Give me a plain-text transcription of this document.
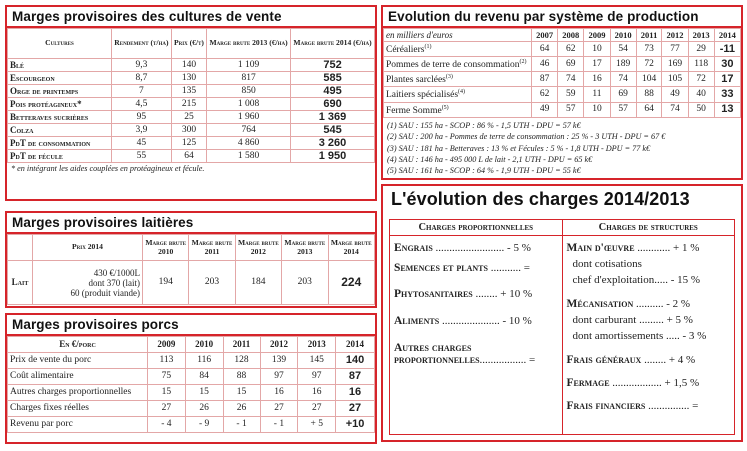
Marges provisoires des cultures de vente
Cultures	Rendement (t/ha)	Prix (€/t)	Marge brute 2013 (€/ha)	Marge brute 2014 (€/ha)
Blé	9,3	140	1 109	752
Escourgeon	8,7	130	817	585
Orge de printemps	7	135	850	495
Pois protéagineux*	4,5	215	1 008	690
Betteraves sucrières	95	25	1 960	1 369
Colza	3,9	300	764	545
PdT de consommation	45	125	4 860	3 260
PdT de fécule	55	64	1 580	1 950
* en intégrant les aides couplées en protéagineux et fécule.
Marges provisoires laitières
	Prix 2014	Marge brute 2010	Marge brute 2011	Marge brute 2012	Marge brute 2013	Marge brute 2014
Lait	430 €/1000L
dont 370 (lait)
60 (produit viande)	194	203	184	203	224
Marges provisoires porcs
En €/porc	2009	2010	2011	2012	2013	2014
Prix de vente du porc	113	116	128	139	145	140
Coût alimentaire	75	84	88	97	97	87
Autres charges proportionnelles	15	15	15	16	16	16
Charges fixes réelles	27	26	26	27	27	27
Revenu par porc	- 4	- 9	- 1	- 1	+ 5	+10
Evolution du revenu par système de production
en milliers d'euros	2007	2008	2009	2010	2011	2012	2013	2014
Céréaliers$^{(1)}$	64	62	10	54	73	77	29	-11
Pommes de terre de consommation$^{(2)}$	46	69	17	189	72	169	118	30
Plantes sarclées$^{(3)}$	87	74	16	74	104	105	72	17
Laitiers spécialisés$^{(4)}$	62	59	11	69	88	49	40	33
Ferme Somme$^{(5)}$	49	57	10	57	64	74	50	13
(1) SAU : 155 ha - SCOP : 86 % - 1,5 UTH - DPU = 57 k€
(2) SAU : 200 ha - Pommes de terre de consommation : 25 % - 3 UTH - DPU = 67 €
(3) SAU : 181 ha - Betteraves : 13 % et Fécules : 5 % - 1,8 UTH - DPU = 77 k€
(4) SAU : 146 ha - 495 000 L de lait - 2,1 UTH - DPU = 65 k€
(5) SAU : 161 ha - SCOP : 64 % - 1,9 UTH - DPU = 55 k€
L'évolution des charges 2014/2013
Charges proportionnelles
Engrais ......................... - 5 %
Semences et plants ........... =
Phytosanitaires ........ + 10 %
Aliments ..................... - 10 %
Autres charges
proportionnelles................. =
Charges de structures
Main d'œuvre ............ + 1 %
dont cotisations
chef d'exploitation..... - 15 %
Mécanisation .......... - 2 %
dont carburant ......... + 5 %
dont amortissements ..... - 3 %
Frais généraux ........ + 4 %
Fermage .................. + 1,5 %
Frais financiers ............... =
